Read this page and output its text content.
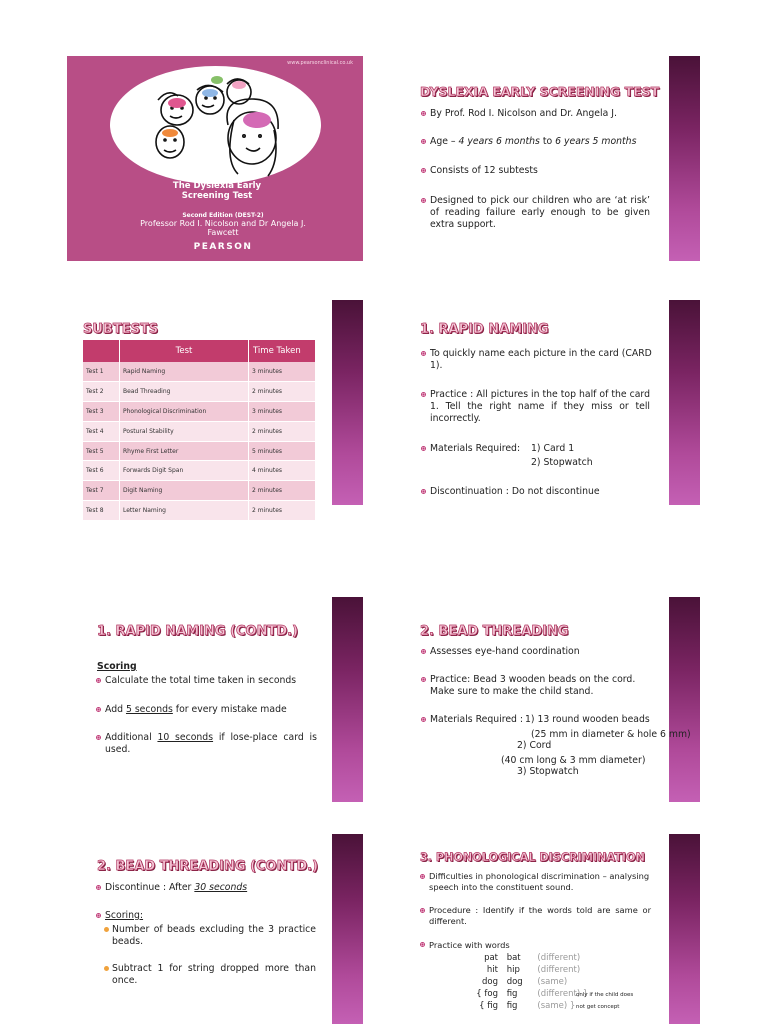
www.pearsonclinical.co.uk
The Dyslexia Early
Screening Test
Second Edition (DEST-2)
Professor Rod I. Nicolson and Dr Angela J.
Fawcett
PEARSON
DYSLEXIA EARLY SCREENING TEST
By Prof. Rod I. Nicolson and Dr. Angela J.
Age – 4 years 6 months to 6 years 5 months
Consists of 12 subtests
Designed to pick our children who are ‘at risk’ of reading failure early enough to be given extra support.
SUBTESTS
	Test	Time Taken
Test 1	Rapid Naming	3 minutes
Test 2	Bead Threading	2 minutes
Test 3	Phonological Discrimination	3 minutes
Test 4	Postural Stability	2 minutes
Test 5	Rhyme First Letter	5 minutes
Test 6	Forwards Digit Span	4 minutes
Test 7	Digit Naming	2 minutes
Test 8	Letter Naming	2 minutes
1. RAPID NAMING
To quickly name each picture in the card (CARD 1).
Practice : All pictures in the top half of the card 1. Tell the right name if they miss or tell incorrectly.
Materials Required:	1) Card 1
2) Stopwatch
Discontinuation : Do not discontinue
1. RAPID NAMING (CONTD.)
Scoring
Calculate the total time taken in seconds
Add 5 seconds for every mistake made
Additional 10 seconds if lose-place card is used.
2. BEAD THREADING
Assesses eye-hand coordination
Practice: Bead 3 wooden beads on the cord. Make sure to make the child stand.
Materials Required : 1) 13 round wooden beads
(25 mm in diameter & hole 6 mm)
2) Cord
(40 cm long & 3 mm diameter)
3) Stopwatch
2. BEAD THREADING (CONTD.)
Discontinue : After 30 seconds
Scoring:
Number of beads excluding the 3 practice beads.
Subtract 1 for string dropped more than once.
3. PHONOLOGICAL DISCRIMINATION
Difficulties in phonological discrimination – analysing speech into the constituent sound.
Procedure : Identify if the words told are same or different.
Practice with words
pat bat (different)
hit hip (different)
dog dog (same)
{ fog fig (different) }
{ fig fig (same) }
only if the child does
not get concept
